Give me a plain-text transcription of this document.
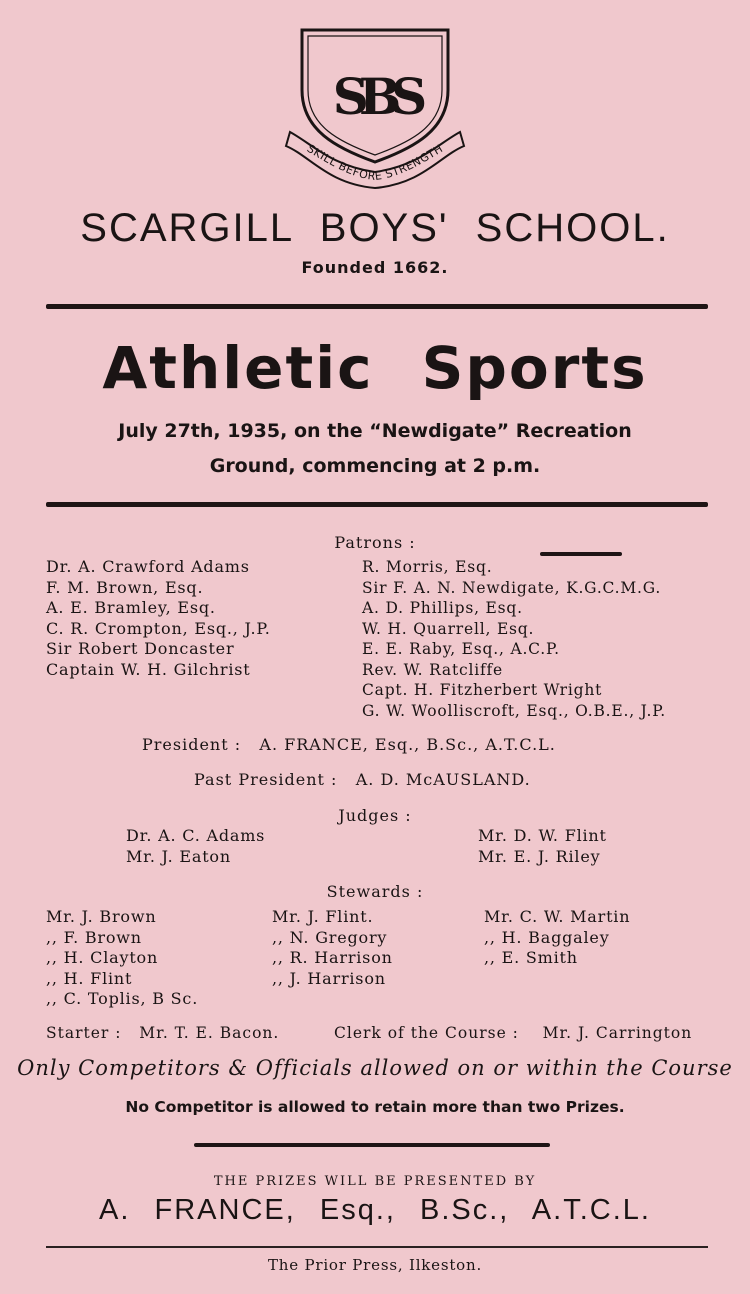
SBS
SKILL BEFORE STRENGTH
SCARGILL BOYS' SCHOOL.
Founded 1662.
Athletic Sports
July 27th, 1935, on the “Newdigate” Recreation
Ground, commencing at 2 p.m.
Patrons :
Dr. A. Crawford Adams
F. M. Brown, Esq.
A. E. Bramley, Esq.
C. R. Crompton, Esq., J.P.
Sir Robert Doncaster
Captain W. H. Gilchrist
R. Morris, Esq.
Sir F. A. N. Newdigate, K.G.C.M.G.
A. D. Phillips, Esq.
W. H. Quarrell, Esq.
E. E. Raby, Esq., A.C.P.
Rev. W. Ratcliffe
Capt. H. Fitzherbert Wright
G. W. Woolliscroft, Esq., O.B.E., J.P.
President : A. FRANCE, Esq., B.Sc., A.T.C.L.
Past President : A. D. McAUSLAND.
Judges :
Dr. A. C. Adams
Mr. J. Eaton
Mr. D. W. Flint
Mr. E. J. Riley
Stewards :
Mr. J. Brown
,, F. Brown
,, H. Clayton
,, H. Flint
,, C. Toplis, B Sc.
Mr. J. Flint.
,, N. Gregory
,, R. Harrison
,, J. Harrison
Mr. C. W. Martin
,, H. Baggaley
,, E. Smith
Starter : Mr. T. E. Bacon.	Clerk of the Course : Mr. J. Carrington
Only Competitors & Officials allowed on or within the Course
No Competitor is allowed to retain more than two Prizes.
THE PRIZES WILL BE PRESENTED BY
A. FRANCE, Esq., B.Sc., A.T.C.L.
The Prior Press, Ilkeston.
